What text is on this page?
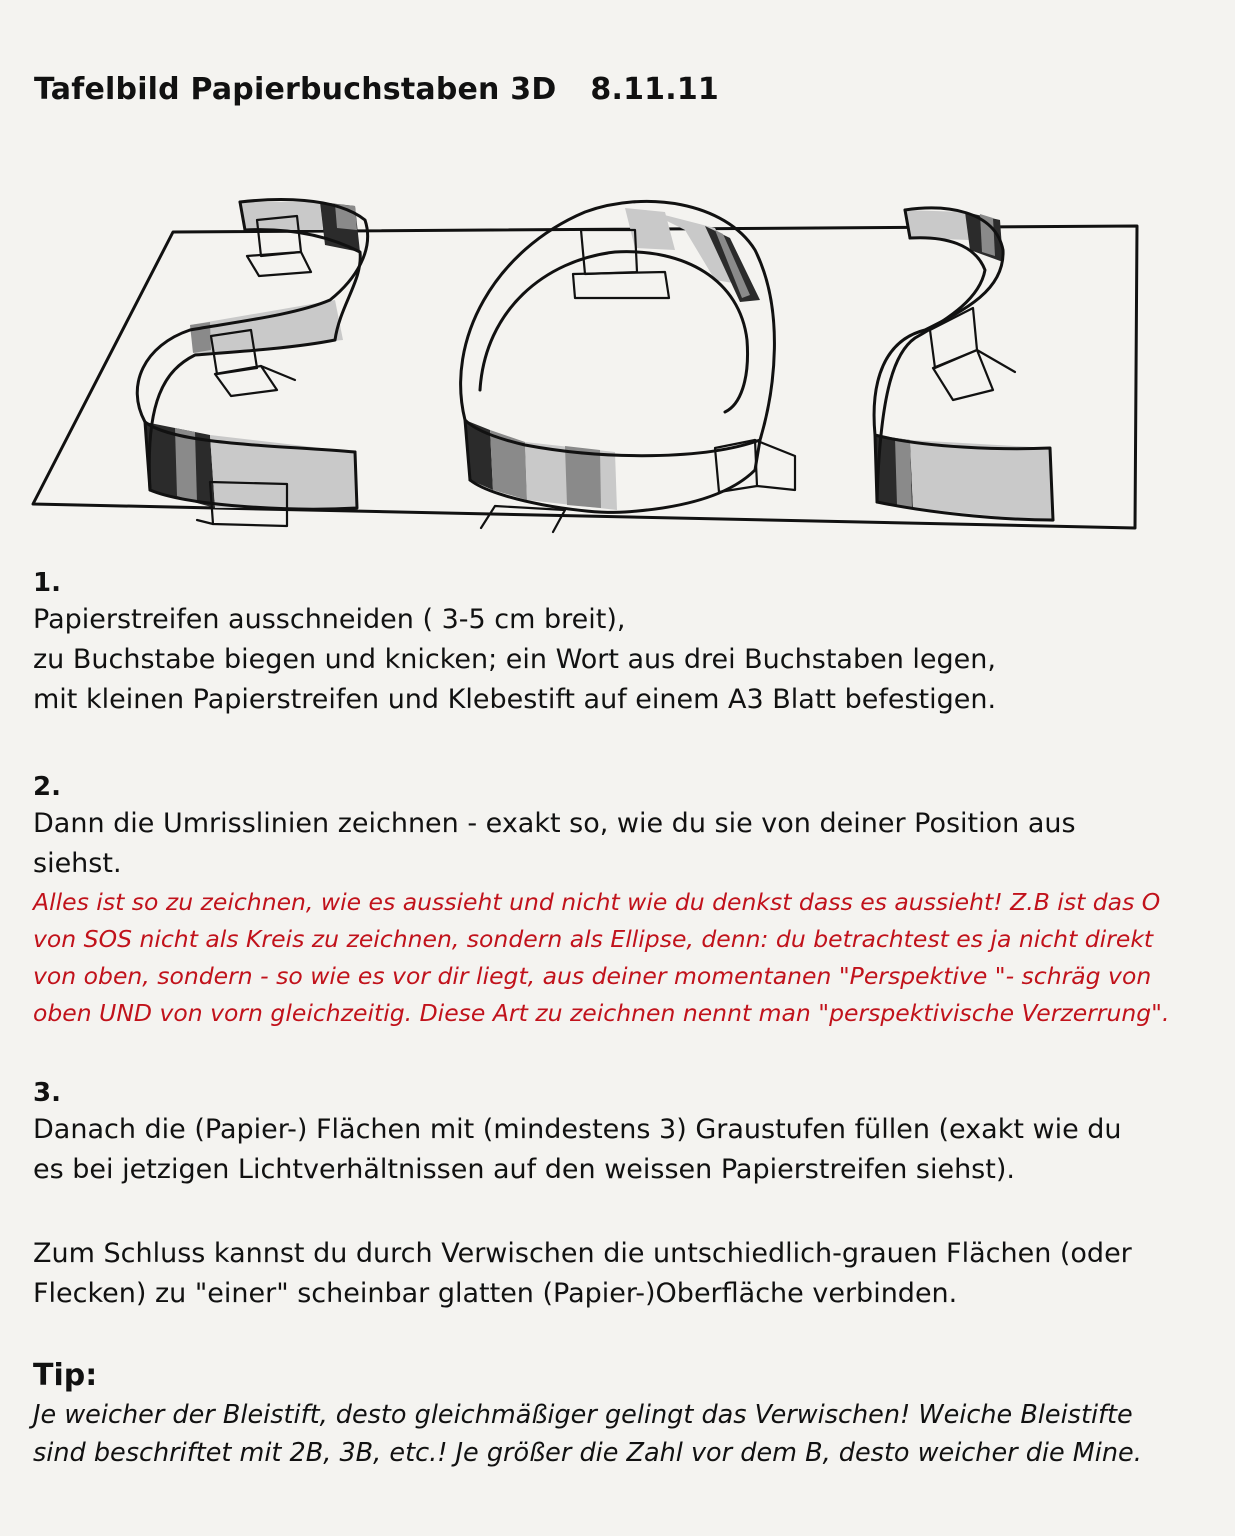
Tafelbild Papierbuchstaben 3D 8.11.11
1.
Papierstreifen ausschneiden ( 3-5 cm breit),
zu Buchstabe biegen und knicken; ein Wort aus drei Buchstaben legen,
mit kleinen Papierstreifen und Klebestift auf einem A3 Blatt befestigen.
2.
Dann die Umrisslinien zeichnen - exakt so, wie du sie von deiner Position aus
siehst.
Alles ist so zu zeichnen, wie es aussieht und nicht wie du denkst dass es aussieht! Z.B ist das O
von SOS nicht als Kreis zu zeichnen, sondern als Ellipse, denn: du betrachtest es ja nicht direkt
von oben, sondern - so wie es vor dir liegt, aus deiner momentanen "Perspektive "- schräg von
oben UND von vorn gleichzeitig. Diese Art zu zeichnen nennt man "perspektivische Verzerrung".
3.
Danach die (Papier-) Flächen mit (mindestens 3) Graustufen füllen (exakt wie du
es bei jetzigen Lichtverhältnissen auf den weissen Papierstreifen siehst).
Zum Schluss kannst du durch Verwischen die untschiedlich-grauen Flächen (oder
Flecken) zu "einer" scheinbar glatten (Papier-)Oberfläche verbinden.
Tip:
Je weicher der Bleistift, desto gleichmäßiger gelingt das Verwischen! Weiche Bleistifte
sind beschriftet mit 2B, 3B, etc.! Je größer die Zahl vor dem B, desto weicher die Mine.
